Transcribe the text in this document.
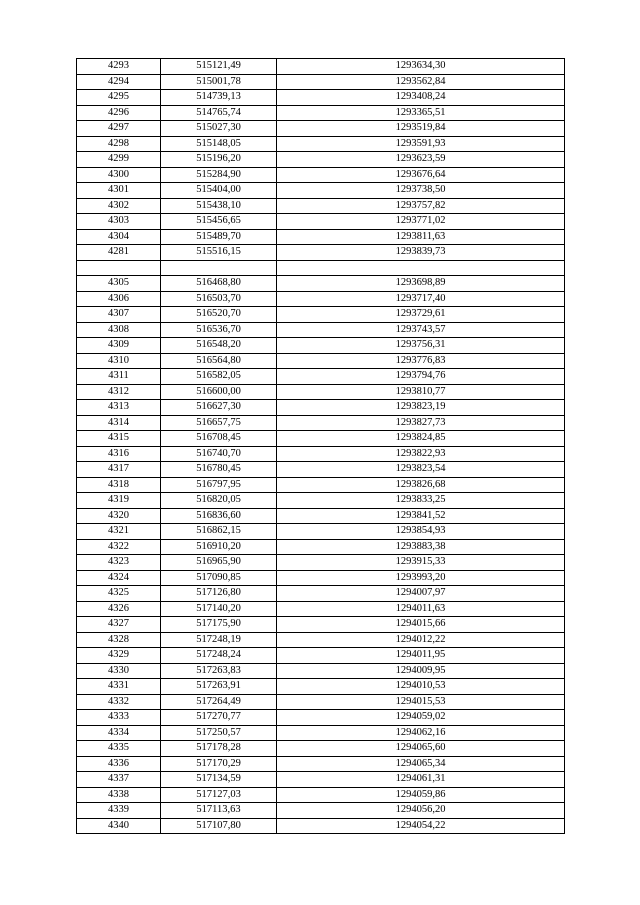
4293	515121,49	1293634,30
4294	515001,78	1293562,84
4295	514739,13	1293408,24
4296	514765,74	1293365,51
4297	515027,30	1293519,84
4298	515148,05	1293591,93
4299	515196,20	1293623,59
4300	515284,90	1293676,64
4301	515404,00	1293738,50
4302	515438,10	1293757,82
4303	515456,65	1293771,02
4304	515489,70	1293811,63
4281	515516,15	1293839,73

4305	516468,80	1293698,89
4306	516503,70	1293717,40
4307	516520,70	1293729,61
4308	516536,70	1293743,57
4309	516548,20	1293756,31
4310	516564,80	1293776,83
4311	516582,05	1293794,76
4312	516600,00	1293810,77
4313	516627,30	1293823,19
4314	516657,75	1293827,73
4315	516708,45	1293824,85
4316	516740,70	1293822,93
4317	516780,45	1293823,54
4318	516797,95	1293826,68
4319	516820,05	1293833,25
4320	516836,60	1293841,52
4321	516862,15	1293854,93
4322	516910,20	1293883,38
4323	516965,90	1293915,33
4324	517090,85	1293993,20
4325	517126,80	1294007,97
4326	517140,20	1294011,63
4327	517175,90	1294015,66
4328	517248,19	1294012,22
4329	517248,24	1294011,95
4330	517263,83	1294009,95
4331	517263,91	1294010,53
4332	517264,49	1294015,53
4333	517270,77	1294059,02
4334	517250,57	1294062,16
4335	517178,28	1294065,60
4336	517170,29	1294065,34
4337	517134,59	1294061,31
4338	517127,03	1294059,86
4339	517113,63	1294056,20
4340	517107,80	1294054,22
